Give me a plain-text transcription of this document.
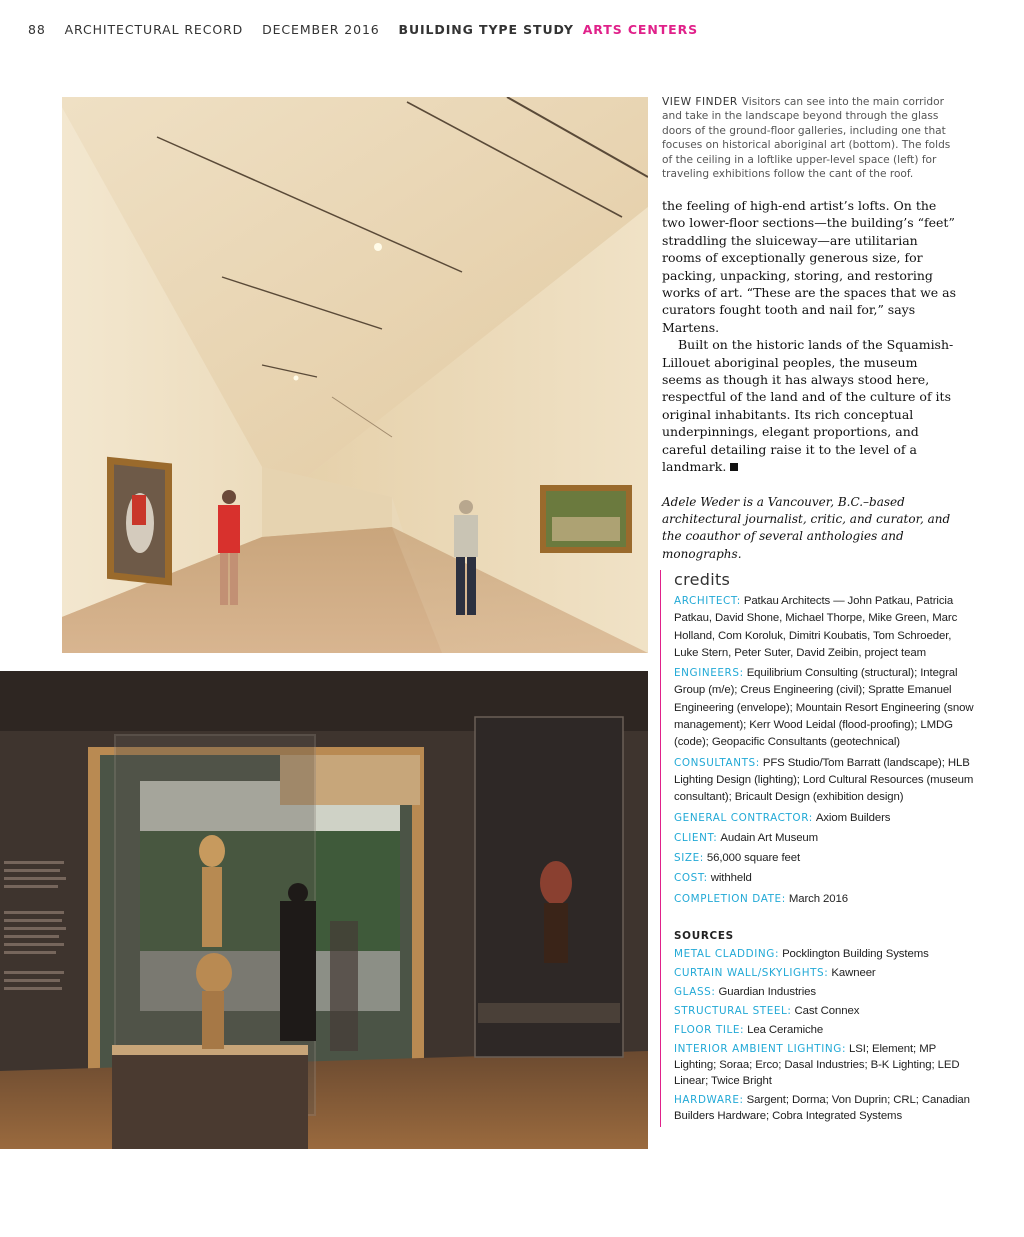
88 ARCHITECTURAL RECORD DECEMBER 2016 BUILDING TYPE STUDY ARTS CENTERS
VIEW FINDER Visitors can see into the main corridor and take in the landscape beyond through the glass doors of the ground-floor galleries, including one that focuses on historical aboriginal art (bottom). The folds of the ceiling in a loftlike upper-level space (left) for traveling exhibitions follow the cant of the roof.

the feeling of high-end artist’s lofts. On the two lower-floor sections—the building’s “feet” straddling the sluiceway—are utilitarian rooms of exceptionally generous size, for packing, unpacking, storing, and restoring works of art. “These are the spaces that we as curators fought tooth and nail for,” says Martens.

Built on the historic lands of the Squamish-Lillouet aboriginal peoples, the museum seems as though it has always stood here, respectful of the land and of the culture of its original inhabitants. Its rich conceptual underpinnings, elegant proportions, and careful detailing raise it to the level of a landmark.

Adele Weder is a Vancouver, B.C.–based architectural journalist, critic, and curator, and the coauthor of several anthologies and monographs.

credits
ARCHITECT: Patkau Architects — John Patkau, Patricia Patkau, David Shone, Michael Thorpe, Mike Green, Marc Holland, Com Koroluk, Dimitri Koubatis, Tom Schroeder, Luke Stern, Peter Suter, David Zeibin, project team
ENGINEERS: Equilibrium Consulting (structural); Integral Group (m/e); Creus Engineering (civil); Spratte Emanuel Engineering (envelope); Mountain Resort Engineering (snow management); Kerr Wood Leidal (flood-proofing); LMDG (code); Geopacific Consultants (geotechnical)
CONSULTANTS: PFS Studio/Tom Barratt (landscape); HLB Lighting Design (lighting); Lord Cultural Resources (museum consultant); Bricault Design (exhibition design)
GENERAL CONTRACTOR: Axiom Builders
CLIENT: Audain Art Museum
SIZE: 56,000 square feet
COST: withheld
COMPLETION DATE: March 2016
SOURCES
METAL CLADDING: Pocklington Building Systems
CURTAIN WALL/SKYLIGHTS: Kawneer
GLASS: Guardian Industries
STRUCTURAL STEEL: Cast Connex
FLOOR TILE: Lea Ceramiche
INTERIOR AMBIENT LIGHTING: LSI; Element; MP Lighting; Soraa; Erco; Dasal Industries; B-K Lighting; LED Linear; Twice Bright
HARDWARE: Sargent; Dorma; Von Duprin; CRL; Canadian Builders Hardware; Cobra Integrated Systems
